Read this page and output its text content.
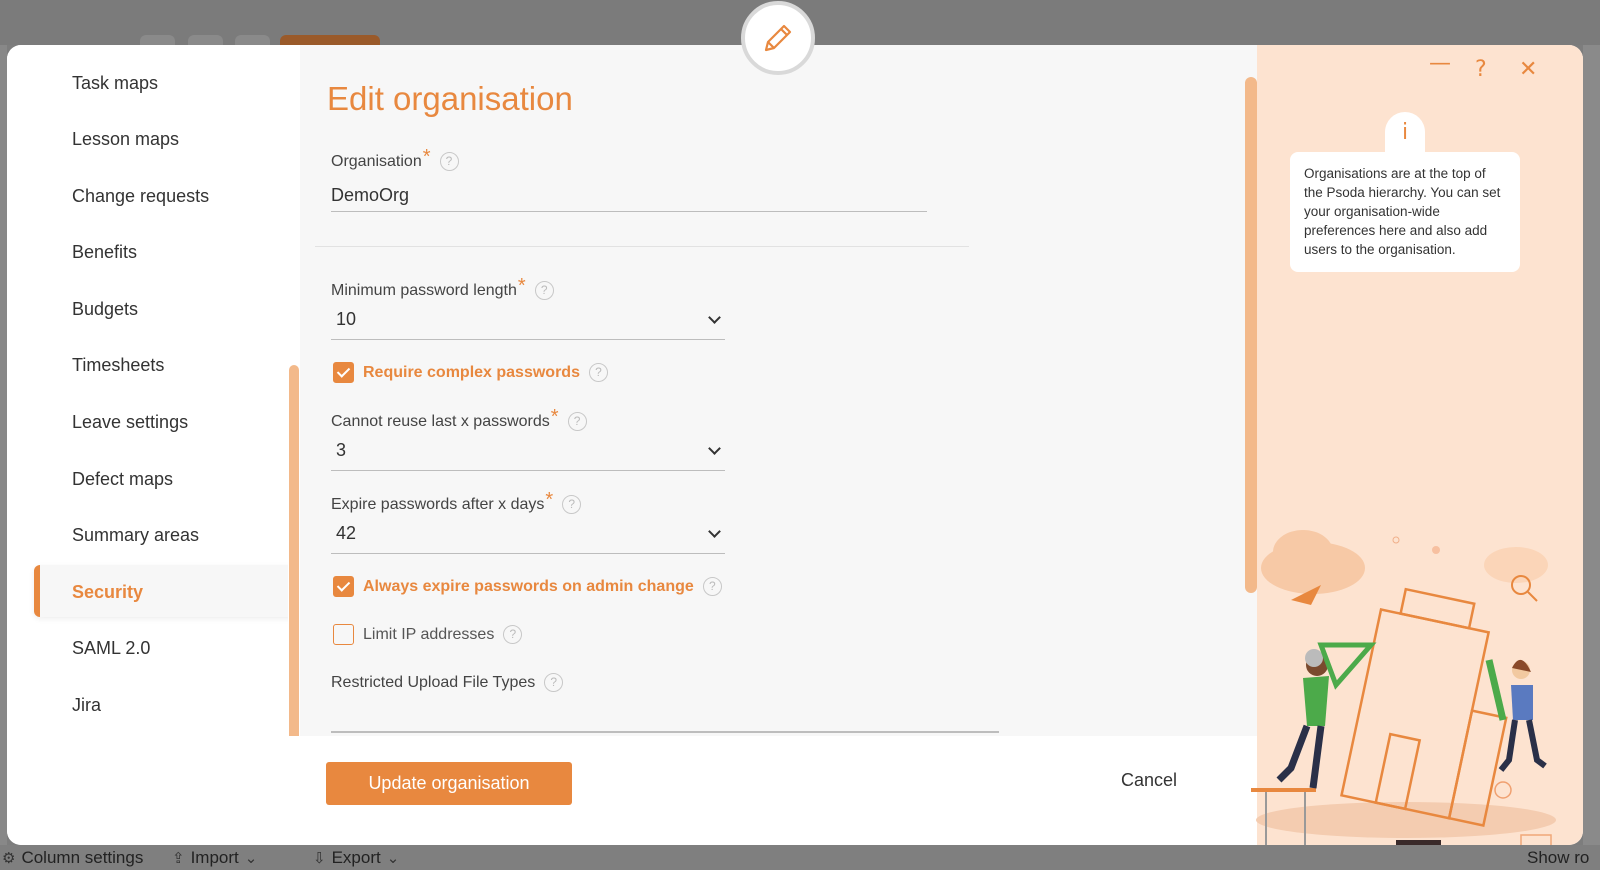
⚙ Column settings ⇪ Import ⌄	⇩ Export ⌄	Show ro
Task maps
Lesson maps
Change requests
Benefits
Budgets
Timesheets
Leave settings
Defect maps
Summary areas
Security
SAML 2.0
Jira
Edit organisation
Organisation *	?
DemoOrg
Minimum password length *	?
10
Require complex passwords	?
Cannot reuse last x passwords *	?
3
Expire passwords after x days *	?
42
Always expire passwords on admin change	?
Limit IP addresses	?
Restricted Upload File Types	?
Update organisation	Cancel
— ? ✕
i
Organisations are at the top of the Psoda hierarchy. You can set your organisation-wide preferences here and also add users to the organisation.
